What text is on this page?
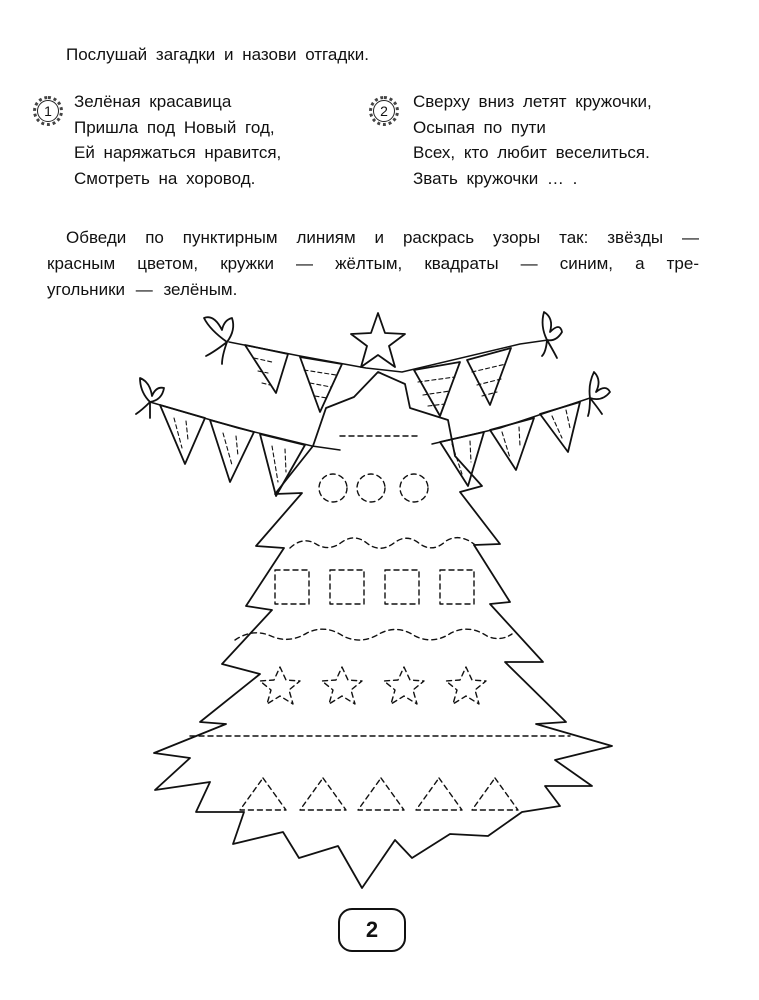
Послушай загадки и назови отгадки.
1	Зелёная красавица
Пришла под Новый год,
Ей наряжаться нравится,
Смотреть на хоровод.
2	Сверху вниз летят кружочки,
Осыпая по пути
Всех, кто любит веселиться.
Звать кружочки … .
Обведи по пунктирным линиям и раскрась узоры так: звёзды —
красным цветом, кружки — жёлтым, квадраты — синим, а тре-
угольники — зелёным.
2
